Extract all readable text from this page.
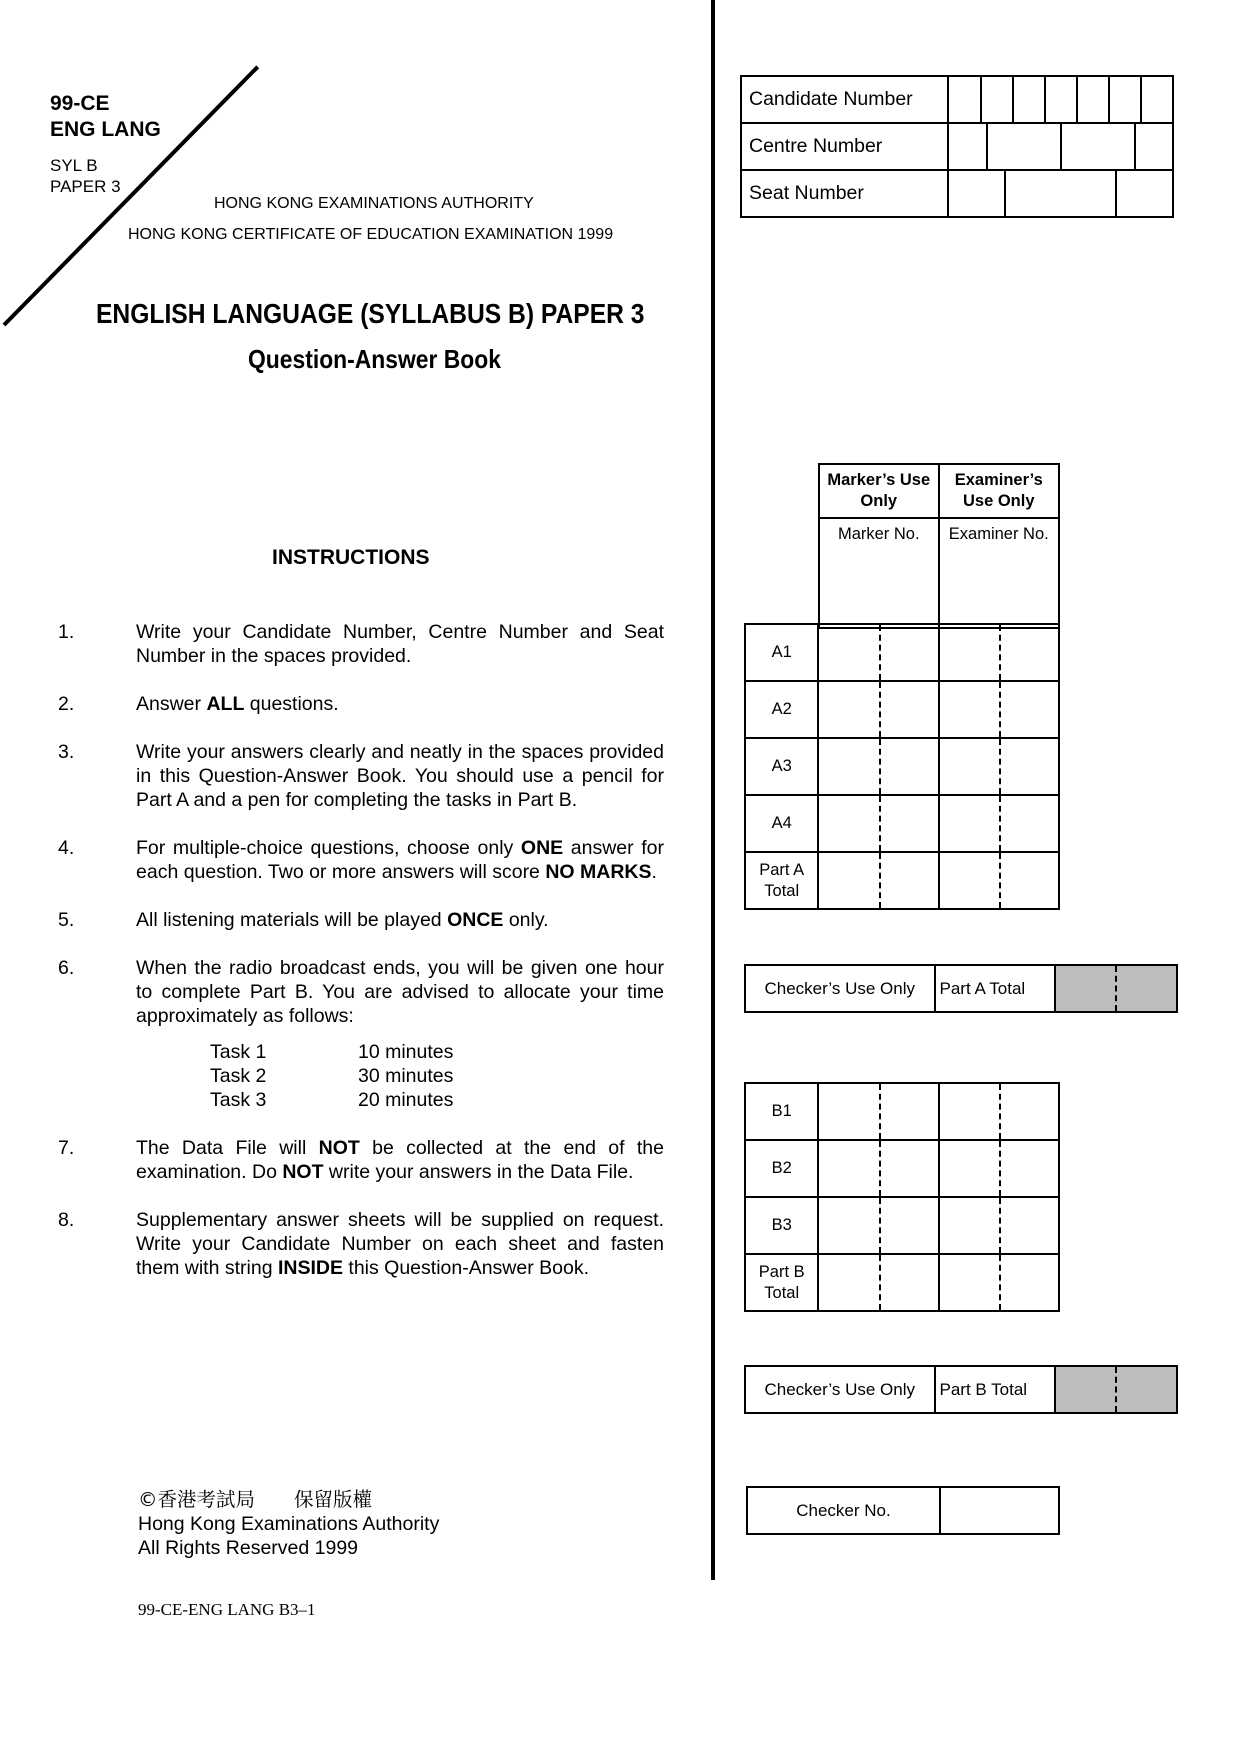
99-CE
ENG LANG
SYL B
PAPER 3
HONG KONG EXAMINATIONS AUTHORITY
HONG KONG CERTIFICATE OF EDUCATION EXAMINATION 1999
ENGLISH LANGUAGE (SYLLABUS B) PAPER 3
Question-Answer Book
INSTRUCTIONS
1.	Write your Candidate Number, Centre Number and Seat Number in the spaces provided.
2.	Answer ALL questions.
3.	Write your answers clearly and neatly in the spaces provided in this Question-Answer Book. You should use a pencil for Part A and a pen for completing the tasks in Part B.
4.	For multiple-choice questions, choose only ONE answer for each question. Two or more answers will score NO MARKS.
5.	All listening materials will be played ONCE only.
6.	When the radio broadcast ends, you will be given one hour to complete Part B. You are advised to allocate your time approximately as follows:
Task 1	10 minutes
Task 2	30 minutes
Task 3	20 minutes
7.	The Data File will NOT be collected at the end of the examination. Do NOT write your answers in the Data File.
8.	Supplementary answer sheets will be supplied on request. Write your Candidate Number on each sheet and fasten them with string INSIDE this Question-Answer Book.
©香港考試局　　保留版權
Hong Kong Examinations Authority
All Rights Reserved 1999
99-CE-ENG LANG B3–1
Candidate Number							
Centre Number	

Seat Number	

Marker’s Use Only	Examiner’s Use Only
Marker No.	Examiner No.
A1	

A2	

A3	

A4	

Part A Total	

Checker’s Use Only	Part A Total		
B1	

B2	

B3	

Part B Total	

Checker’s Use Only	Part B Total		
Checker No.	
